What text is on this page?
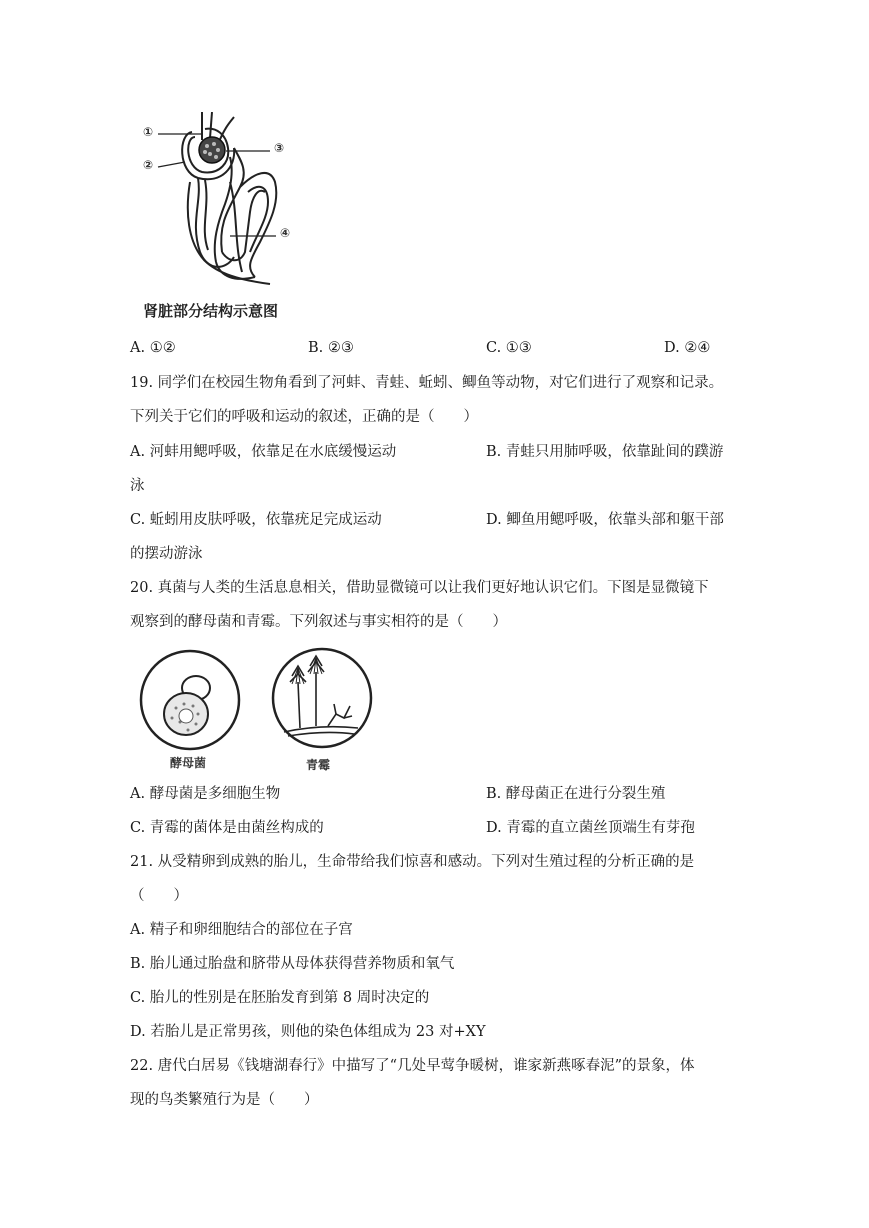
①
②
③
④
肾脏部分结构示意图
A. ①②	B. ②③	C. ①③	D. ②④
19. 同学们在校园生物角看到了河蚌、青蛙、蚯蚓、鲫鱼等动物，对它们进行了观察和记录。
下列关于它们的呼吸和运动的叙述，正确的是（　　）
A. 河蚌用鳃呼吸，依靠足在水底缓慢运动	B. 青蛙只用肺呼吸，依靠趾间的蹼游
泳
C. 蚯蚓用皮肤呼吸，依靠疣足完成运动	D. 鲫鱼用鳃呼吸，依靠头部和躯干部
的摆动游泳
20. 真菌与人类的生活息息相关，借助显微镜可以让我们更好地认识它们。下图是显微镜下
观察到的酵母菌和青霉。下列叙述与事实相符的是（　　）
酵母菌	青霉
A. 酵母菌是多细胞生物	B. 酵母菌正在进行分裂生殖
C. 青霉的菌体是由菌丝构成的	D. 青霉的直立菌丝顶端生有芽孢
21. 从受精卵到成熟的胎儿，生命带给我们惊喜和感动。下列对生殖过程的分析正确的是
（　　）
A. 精子和卵细胞结合的部位在子宫
B. 胎儿通过胎盘和脐带从母体获得营养物质和氧气
C. 胎儿的性别是在胚胎发育到第 8 周时决定的
D. 若胎儿是正常男孩，则他的染色体组成为 23 对+XY
22. 唐代白居易《钱塘湖春行》中描写了“几处早莺争暖树，谁家新燕啄春泥”的景象，体
现的鸟类繁殖行为是（　　）
